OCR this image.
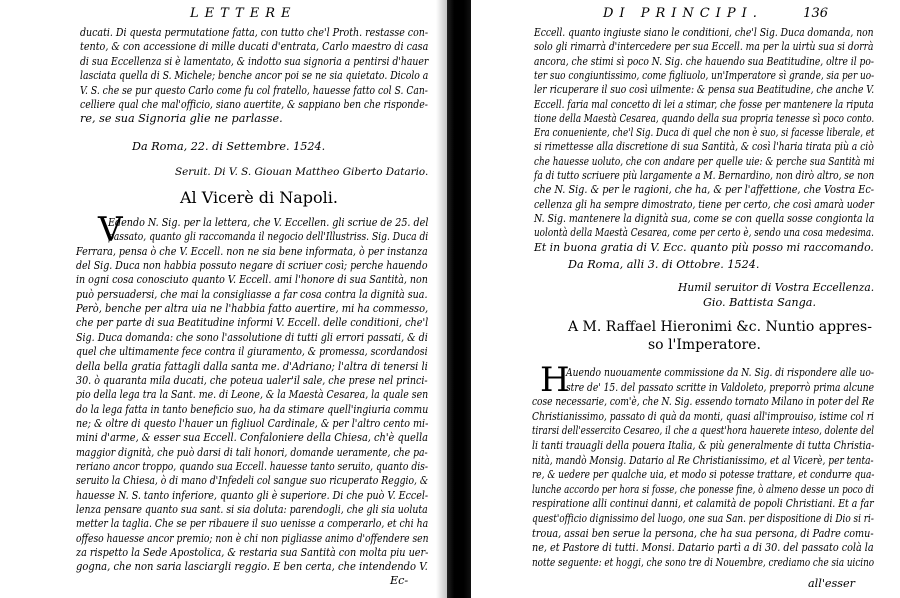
LETTERE
ducati. Di questa permutatione fatta, con tutto che'l Proth. restasse con-
tento, & con accessione di mille ducati d'entrata, Carlo maestro di casa
di sua Eccellenza si è lamentato, & indotto sua signoria a pentirsi d'hauer
lasciata quella di S. Michele; benche ancor poi se ne sia quietato. Dicolo a
V. S. che se pur questo Carlo come fu col fratello, hauesse fatto col S. Can-
celliere qual che mal'officio, siano auertite, & sappiano ben che risponde-
re, se sua Signoria glie ne parlasse.
Da Roma, 22. di Settembre. 1524.
Seruit. Di V. S. Giouan Mattheo Giberto Datario.
Al Vicerè di Napoli.
V
Edendo N. Sig. per la lettera, che V. Eccellen. gli scriue de 25. del
passato, quanto gli raccomanda il negocio dell'Illustriss. Sig. Duca di
Ferrara, pensa ò che V. Eccell. non ne sia bene informata, ò per instanza
del Sig. Duca non habbia possuto negare di scriuer così; perche hauendo
in ogni cosa conosciuto quanto V. Eccell. ami l'honore di sua Santità, non
può persuadersi, che mai la consigliasse a far cosa contra la dignità sua.
Però, benche per altra uia ne l'habbia fatto auertire, mi ha commesso,
che per parte di sua Beatitudine informi V. Eccell. delle conditioni, che'l
Sig. Duca domanda: che sono l'assolutione di tutti gli errori passati, & di
quel che ultimamente fece contra il giuramento, & promessa, scordandosi
della bella gratia fattagli dalla santa me. d'Adriano; l'altra di tenersi li
30. ò quaranta mila ducati, che poteua ualer'il sale, che prese nel princi-
pio della lega tra la Sant. me. di Leone, & la Maestà Cesarea, la quale sen
do la lega fatta in tanto beneficio suo, ha da stimare quell'ingiuria commu
ne; & oltre di questo l'hauer un figliuol Cardinale, & per l'altro cento mi-
mini d'arme, & esser sua Eccell. Confaloniere della Chiesa, ch'è quella
maggior dignità, che può darsi di tali honori, domande ueramente, che pa-
reriano ancor troppo, quando sua Eccell. hauesse tanto seruito, quanto dis-
seruito la Chiesa, ò di mano d'Infedeli col sangue suo ricuperato Reggio, &
hauesse N. S. tanto inferiore, quanto gli è superiore. Di che può V. Eccel-
lenza pensare quanto sua sant. si sia doluta: parendogli, che gli sia uoluta
metter la taglia. Che se per ribauere il suo uenisse a comperarlo, et chi ha
offeso hauesse ancor premio; non è chi non pigliasse animo d'offendere sen
za rispetto la Sede Apostolica, & restaria sua Santità con molta piu uer-
gogna, che non saria lasciargli reggio. E ben certa, che intendendo V.
Ec-
DI PRINCIPI.	136
Eccell. quanto ingiuste siano le conditioni, che'l Sig. Duca domanda, non
solo gli rimarrà d'intercedere per sua Eccell. ma per la uirtù sua si dorrà
ancora, che stimi sì poco N. Sig. che hauendo sua Beatitudine, oltre il po-
ter suo congiuntissimo, come figliuolo, un'Imperatore sì grande, sia per uo-
ler ricuperare il suo così uilmente: & pensa sua Beatitudine, che anche V.
Eccell. faria mal concetto di lei a stimar, che fosse per mantenere la riputa
tione della Maestà Cesarea, quando della sua propria tenesse sì poco conto.
Era conueniente, che'l Sig. Duca di quel che non è suo, si facesse liberale, et
si rimettesse alla discretione di sua Santità, & così l'haria tirata più a ciò
che hauesse uoluto, che con andare per quelle uie: & perche sua Santità mi
fa di tutto scriuere più largamente a M. Bernardino, non dirò altro, se non
che N. Sig. & per le ragioni, che ha, & per l'affettione, che Vostra Ec-
cellenza gli ha sempre dimostrato, tiene per certo, che così amarà uoder
N. Sig. mantenere la dignità sua, come se con quella sosse congionta la
uolontà della Maestà Cesarea, come per certo è, sendo una cosa medesima.
Et in buona gratia di V. Ecc. quanto più posso mi raccomando.
Da Roma, alli 3. di Ottobre. 1524.
Humil seruitor di Vostra Eccellenza.
Gio. Battista Sanga.
A M. Raffael Hieronimi &c. Nuntio appres-
so l'Imperatore.
H
Auendo nuouamente commissione da N. Sig. di rispondere alle uo-
stre de' 15. del passato scritte in Valdoleto, preporrò prima alcune
cose necessarie, com'è, che N. Sig. essendo tornato Milano in poter del Re
Christianissimo, passato di quà da monti, quasi all'improuiso, istime col ri
tirarsi dell'essercito Cesareo, il che a quest'hora hauerete inteso, dolente del
li tanti trauagli della pouera Italia, & più generalmente di tutta Christia-
nità, mandò Monsig. Datario al Re Christianissimo, et al Vicerè, per tenta-
re, & uedere per qualche uia, et modo si potesse trattare, et condurre qua-
lunche accordo per hora si fosse, che ponesse fine, ò almeno desse un poco di
respiratione alli continui danni, et calamità de popoli Christiani. Et a far
quest'officio dignissimo del luogo, one sua San. per dispositione di Dio si ri-
troua, assai ben serue la persona, che ha sua persona, di Padre comu-
ne, et Pastore di tutti. Monsi. Datario partì a di 30. del passato colà la
notte seguente: et hoggi, che sono tre di Nouembre, crediamo che sia uicino
all'esser
